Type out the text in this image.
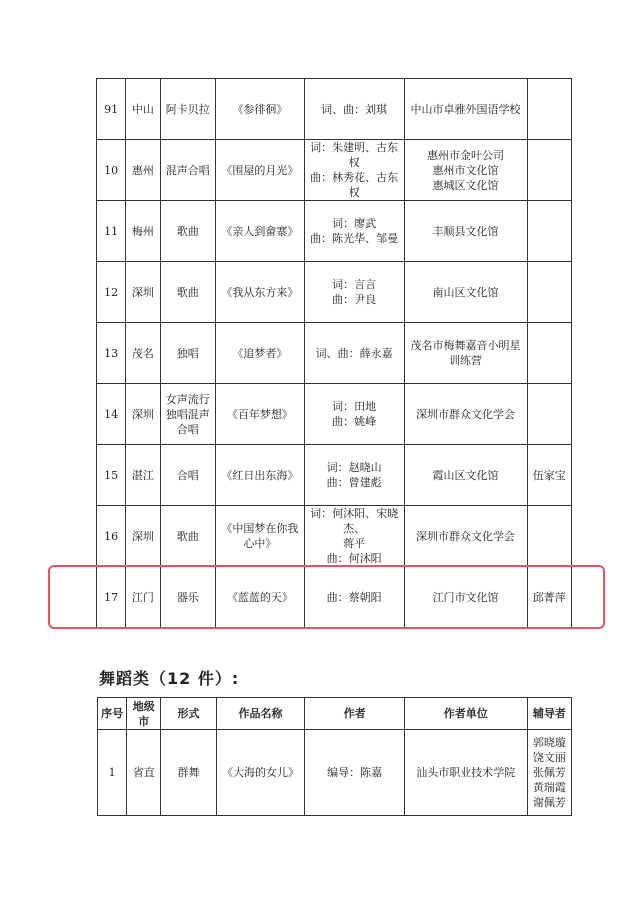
91	中山	阿卡贝拉	《参徘徊》	词、曲：刘琪	中山市卓雅外国语学校	

10	惠州	混声合唱	《围屋的月光》	词：朱建明、古东权
曲：林秀花、古东权	惠州市金叶公司
惠州市文化馆
惠城区文化馆	

11	梅州	歌曲	《亲人到畲寨》	词：廖武
曲：陈光华、邹曼	丰顺县文化馆	

12	深圳	歌曲	《我从东方来》	词：言言
曲：尹良	南山区文化馆	

13	茂名	独唱	《追梦者》	词、曲：薛永嘉	茂名市梅舞嘉音小明星
训练营	

14	深圳	女声流行
独唱混声
合唱	《百年梦想》	词：田地
曲：姚峰	深圳市群众文化学会	

15	湛江	合唱	《红日出东海》	词：赵晓山
曲：曾建彪	霞山区文化馆	伍家宝

16	深圳	歌曲	《中国梦在你我
心中》	词：何沐阳、宋晓杰、
蒋平
曲：何沐阳	深圳市群众文化学会	

17	江门	器乐	《蓝蓝的天》	曲：蔡朝阳	江门市文化馆	邱菁萍
舞蹈类（12 件）:
序号	地级市	形式	作品名称	作者	作者单位	辅导者
1	省直	群舞	《大海的女儿》	编导：陈嘉	汕头市职业技术学院	郭晓璇
饶文丽
张佩芳
黄瑞霞
谢佩芳
